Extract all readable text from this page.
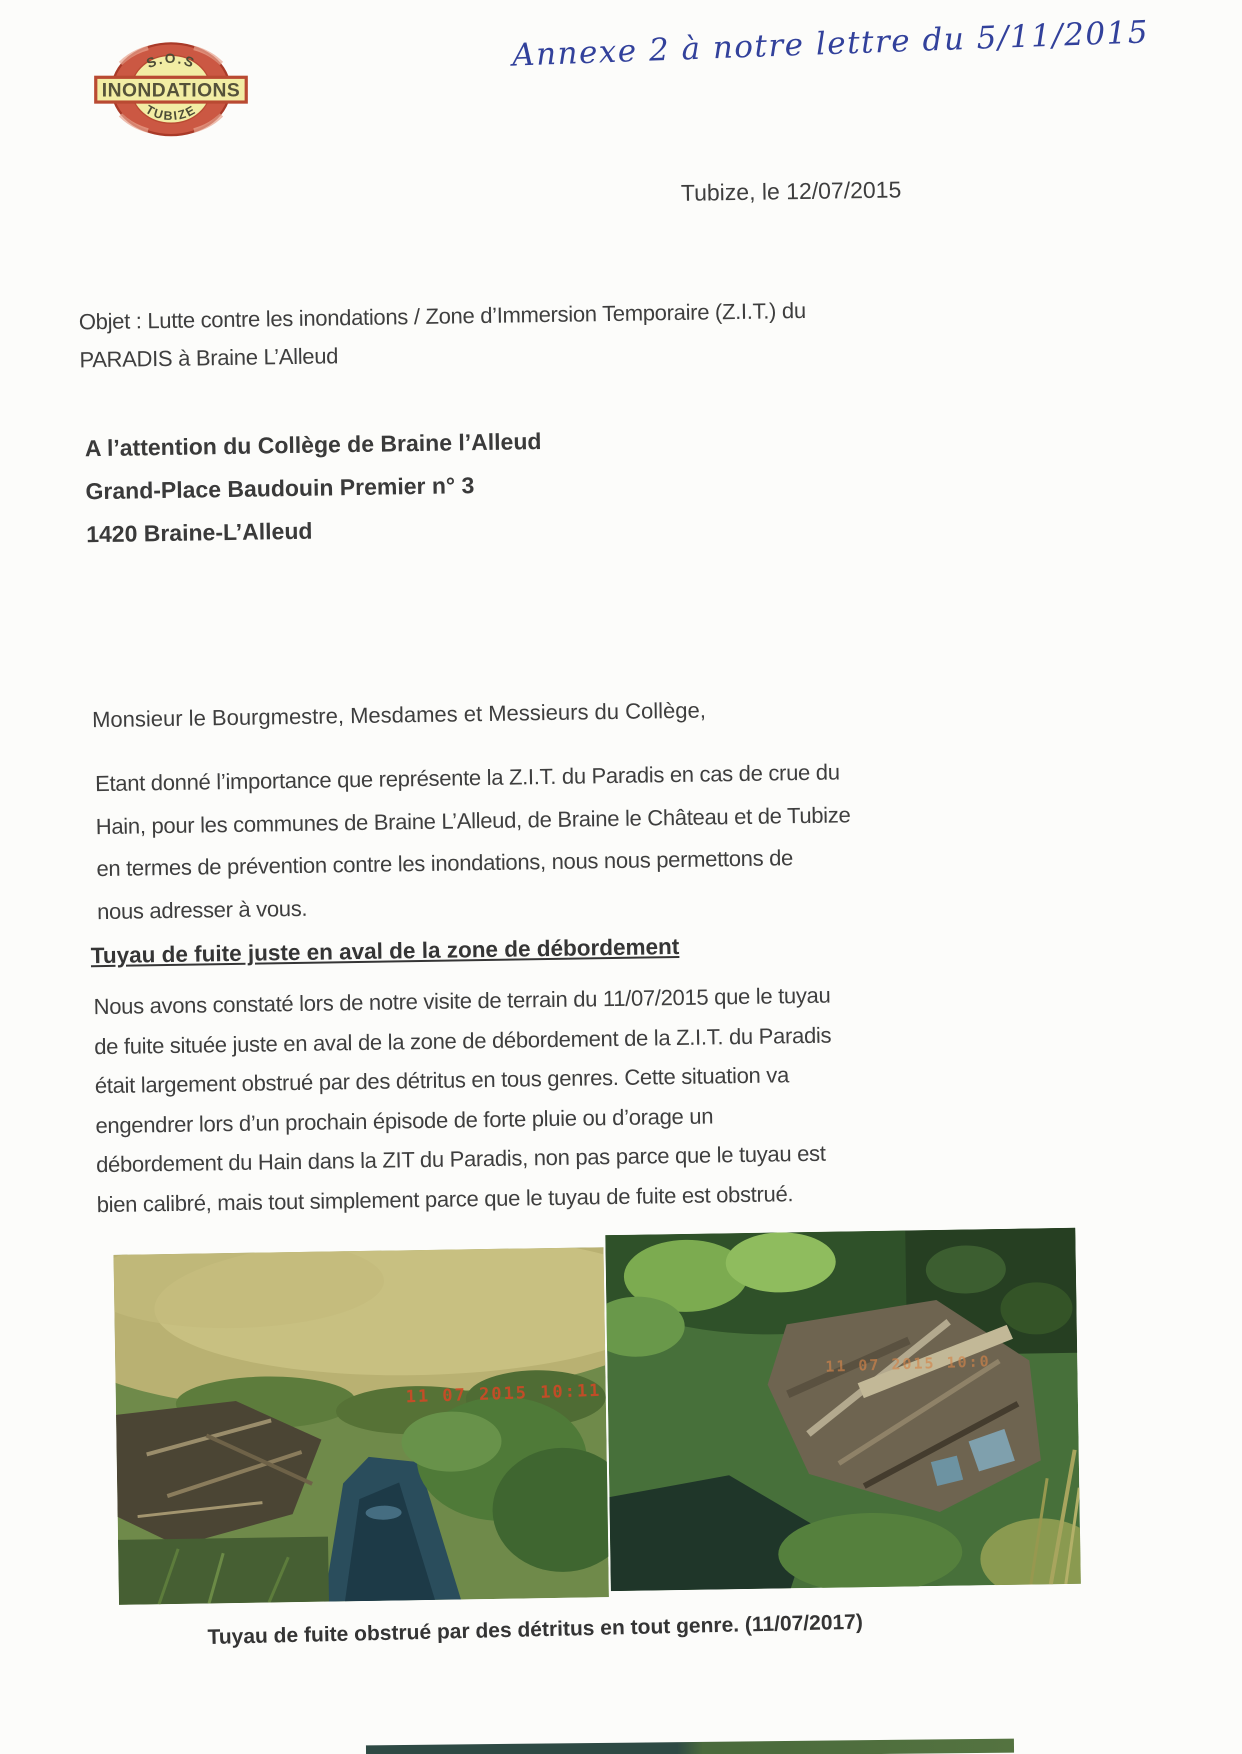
Annexe 2 à notre lettre du 5/11/2015
S.O.S
INONDATIONS
TUBIZE
Tubize, le 12/07/2015
Objet : Lutte contre les inondations / Zone d’Immersion Temporaire (Z.I.T.) du
PARADIS à Braine L’Alleud
A l’attention du Collège de Braine l’Alleud
Grand-Place Baudouin Premier n° 3
1420 Braine-L’Alleud
Monsieur le Bourgmestre, Mesdames et Messieurs du Collège,
Etant donné l’importance que représente la Z.I.T. du Paradis en cas de crue du
Hain, pour les communes de Braine L’Alleud, de Braine le Château et de Tubize
en termes de prévention contre les inondations, nous nous permettons de
nous adresser à vous.
Tuyau de fuite juste en aval de la zone de débordement
Nous avons constaté lors de notre visite de terrain du 11/07/2015 que le tuyau
de fuite située juste en aval de la zone de débordement de la Z.I.T. du Paradis
était largement obstrué par des détritus en tous genres. Cette situation va
engendrer lors d’un prochain épisode de forte pluie ou d’orage un
débordement du Hain dans la ZIT du Paradis, non pas parce que le tuyau est
bien calibré, mais tout simplement parce que le tuyau de fuite est obstrué.
11 07 2015 10:11
11 07 2015 10:0
Tuyau de fuite obstrué par des détritus en tout genre. (11/07/2017)
